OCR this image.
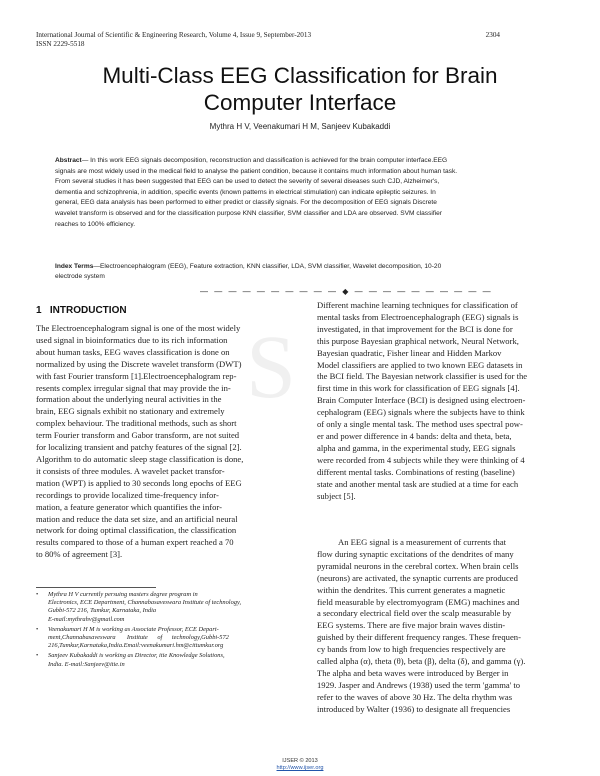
International Journal of Scientific & Engineering Research, Volume 4, Issue 9, September-2013
ISSN 2229-5518
2304
S
Multi-Class EEG Classification for Brain
Computer Interface
Mythra H V, Veenakumari H M, Sanjeev Kubakaddi
Abstract— In this work EEG signals decomposition, reconstruction and classification is achieved for the brain computer interface.EEG
signals are most widely used in the medical field to analyse the patient condition, because it contains much information about human task.
From several studies it has been suggested that EEG can be used to detect the severity of several diseases such CJD, Alzheimer's,
dementia and schizophrenia, in addition, specific events (known patterns in electrical stimulation) can indicate epileptic seizures. In
general, EEG data analysis has been performed to either predict or classify signals. For the decomposition of EEG signals Discrete
wavelet transform is observed and for the classification purpose KNN classifier, SVM classifier and LDA are observed. SVM classifier
reaches to 100% efficiency.
Index Terms—Electroencephalogram (EEG), Feature extraction, KNN classifier, LDA, SVM classifier, Wavelet decomposition, 10-20
electrode system
— — — — — — — — — — ◆ — — — — — — — — — —
1 INTRODUCTION
The Electroencephalogram signal is one of the most widely
used signal in bioinformatics due to its rich information
about human tasks, EEG waves classification is done on
normalized by using the Discrete wavelet transform (DWT)
with fast Fourier transform [1].Electroencephalogram rep-
resents complex irregular signal that may provide the in-
formation about the underlying neural activities in the
brain, EEG signals exhibit no stationary and extremely
complex behaviour. The traditional methods, such as short
term Fourier transform and Gabor transform, are not suited
for localizing transient and patchy features of the signal [2].
Algorithm to do automatic sleep stage classification is done,
it consists of three modules. A wavelet packet transfor-
mation (WPT) is applied to 30 seconds long epochs of EEG
recordings to provide localized time-frequency infor-
mation, a feature generator which quantifies the infor-
mation and reduce the data set size, and an artificial neural
network for doing optimal classification, the classification
results compared to those of a human expert reached a 70
to 80% of agreement [3].
Different machine learning techniques for classification of
mental tasks from Electroencephalograph (EEG) signals is
investigated, in that improvement for the BCI is done for
this purpose Bayesian graphical network, Neural Network,
Bayesian quadratic, Fisher linear and Hidden Markov
Model classifiers are applied to two known EEG datasets in
the BCI field. The Bayesian network classifier is used for the
first time in this work for classification of EEG signals [4].
Brain Computer Interface (BCI) is designed using electroen-
cephalogram (EEG) signals where the subjects have to think
of only a single mental task. The method uses spectral pow-
er and power difference in 4 bands: delta and theta, beta,
alpha and gamma, in the experimental study, EEG signals
were recorded from 4 subjects while they were thinking of 4
different mental tasks. Combinations of resting (baseline)
state and another mental task are studied at a time for each
subject [5].
An EEG signal is a measurement of currents that
flow during synaptic excitations of the dendrites of many
pyramidal neurons in the cerebral cortex. When brain cells
(neurons) are activated, the synaptic currents are produced
within the dendrites. This current generates a magnetic
field measurable by electromyogram (EMG) machines and
a secondary electrical field over the scalp measurable by
EEG systems. There are five major brain waves distin-
guished by their different frequency ranges. These frequen-
cy bands from low to high frequencies respectively are
called alpha (α), theta (θ), beta (β), delta (δ), and gamma (γ).
The alpha and beta waves were introduced by Berger in
1929. Jasper and Andrews (1938) used the term 'gamma' to
refer to the waves of above 30 Hz. The delta rhythm was
introduced by Walter (1936) to designate all frequencies
• Mythra H V currently persuing masters degree program in
Electronics, ECE Department, Channabasaveswara Institute of technology,
Gubbi-572 216, Tumkur, Karnataka, India
E-mail:mythrahv@gmail.com
• Veenakumari H M is working as Associate Professor, ECE Depart-
ment,Channabasaveswara       Institute      of      technology,Gubbi-572
216,Tumkur,Karnataka,India.Email:veenakumari.hm@cittumkur.org
• Sanjeev Kubakaddi is working as Director, itie Knowledge Solutions,
India. E-mail:Sanjeev@itie.in
IJSER © 2013
http://www.ijser.org
